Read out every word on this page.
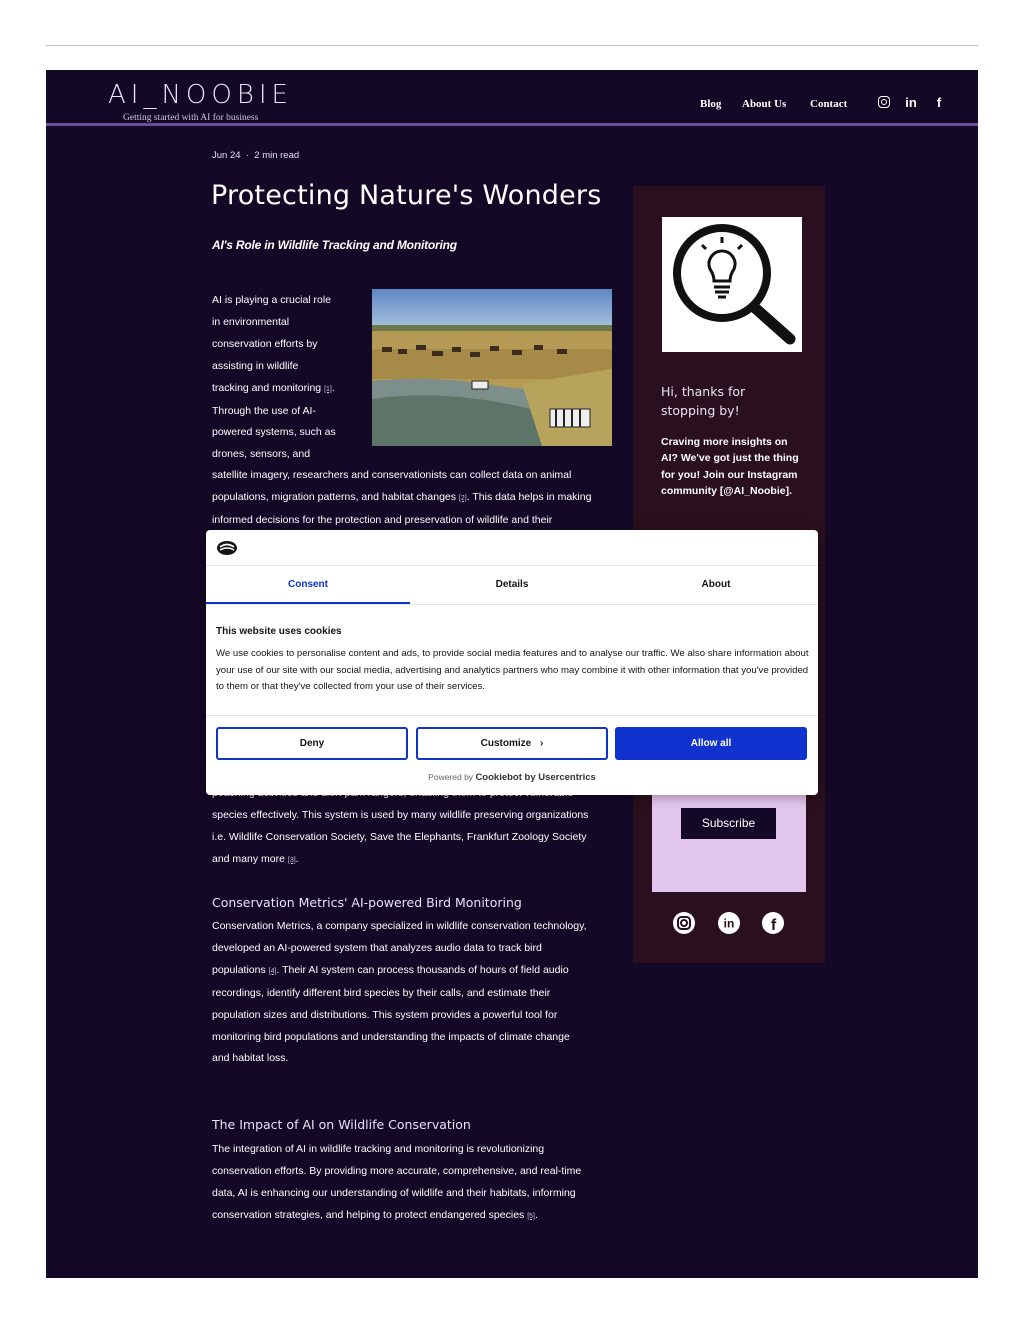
AI_NOOBIE
Getting started with AI for business
Blog About Us Contact	in	f
Jun 24  ·  2 min read
Protecting Nature's Wonders
AI's Role in Wildlife Tracking and Monitoring
AI is playing a crucial role
in environmental
conservation efforts by
assisting in wildlife
tracking and monitoring [1].
Through the use of AI-
powered systems, such as
drones, sensors, and
satellite imagery, researchers and conservationists can collect data on animal
populations, migration patterns, and habitat changes [2]. This data helps in making
informed decisions for the protection and preservation of wildlife and their
species effectively. This system is used by many wildlife preserving organizations
i.e. Wildlife Conservation Society, Save the Elephants, Frankfurt Zoology Society
and many more [3].
Conservation Metrics' AI-powered Bird Monitoring
Conservation Metrics, a company specialized in wildlife conservation technology,
developed an AI-powered system that analyzes audio data to track bird
populations [4]. Their AI system can process thousands of hours of field audio
recordings, identify different bird species by their calls, and estimate their
population sizes and distributions. This system provides a powerful tool for
monitoring bird populations and understanding the impacts of climate change
and habitat loss.
The Impact of AI on Wildlife Conservation
The integration of AI in wildlife tracking and monitoring is revolutionizing
conservation efforts. By providing more accurate, comprehensive, and real-time
data, AI is enhancing our understanding of wildlife and their habitats, informing
conservation strategies, and helping to protect endangered species [5].
Hi, thanks for
stopping by!
Craving more insights on AI? We've got just the thing for you! Join our Instagram community [@AI_Noobie].
Subscribe
in f
Consent	Details	About
This website uses cookies
We use cookies to personalise content and ads, to provide social media features and to analyse our traffic. We also share information about your use of our site with our social media, advertising and analytics partners who may combine it with other information that you've provided to them or that they've collected from your use of their services.
Deny	Customize ›	Allow all
Powered by Cookiebot by Usercentrics
